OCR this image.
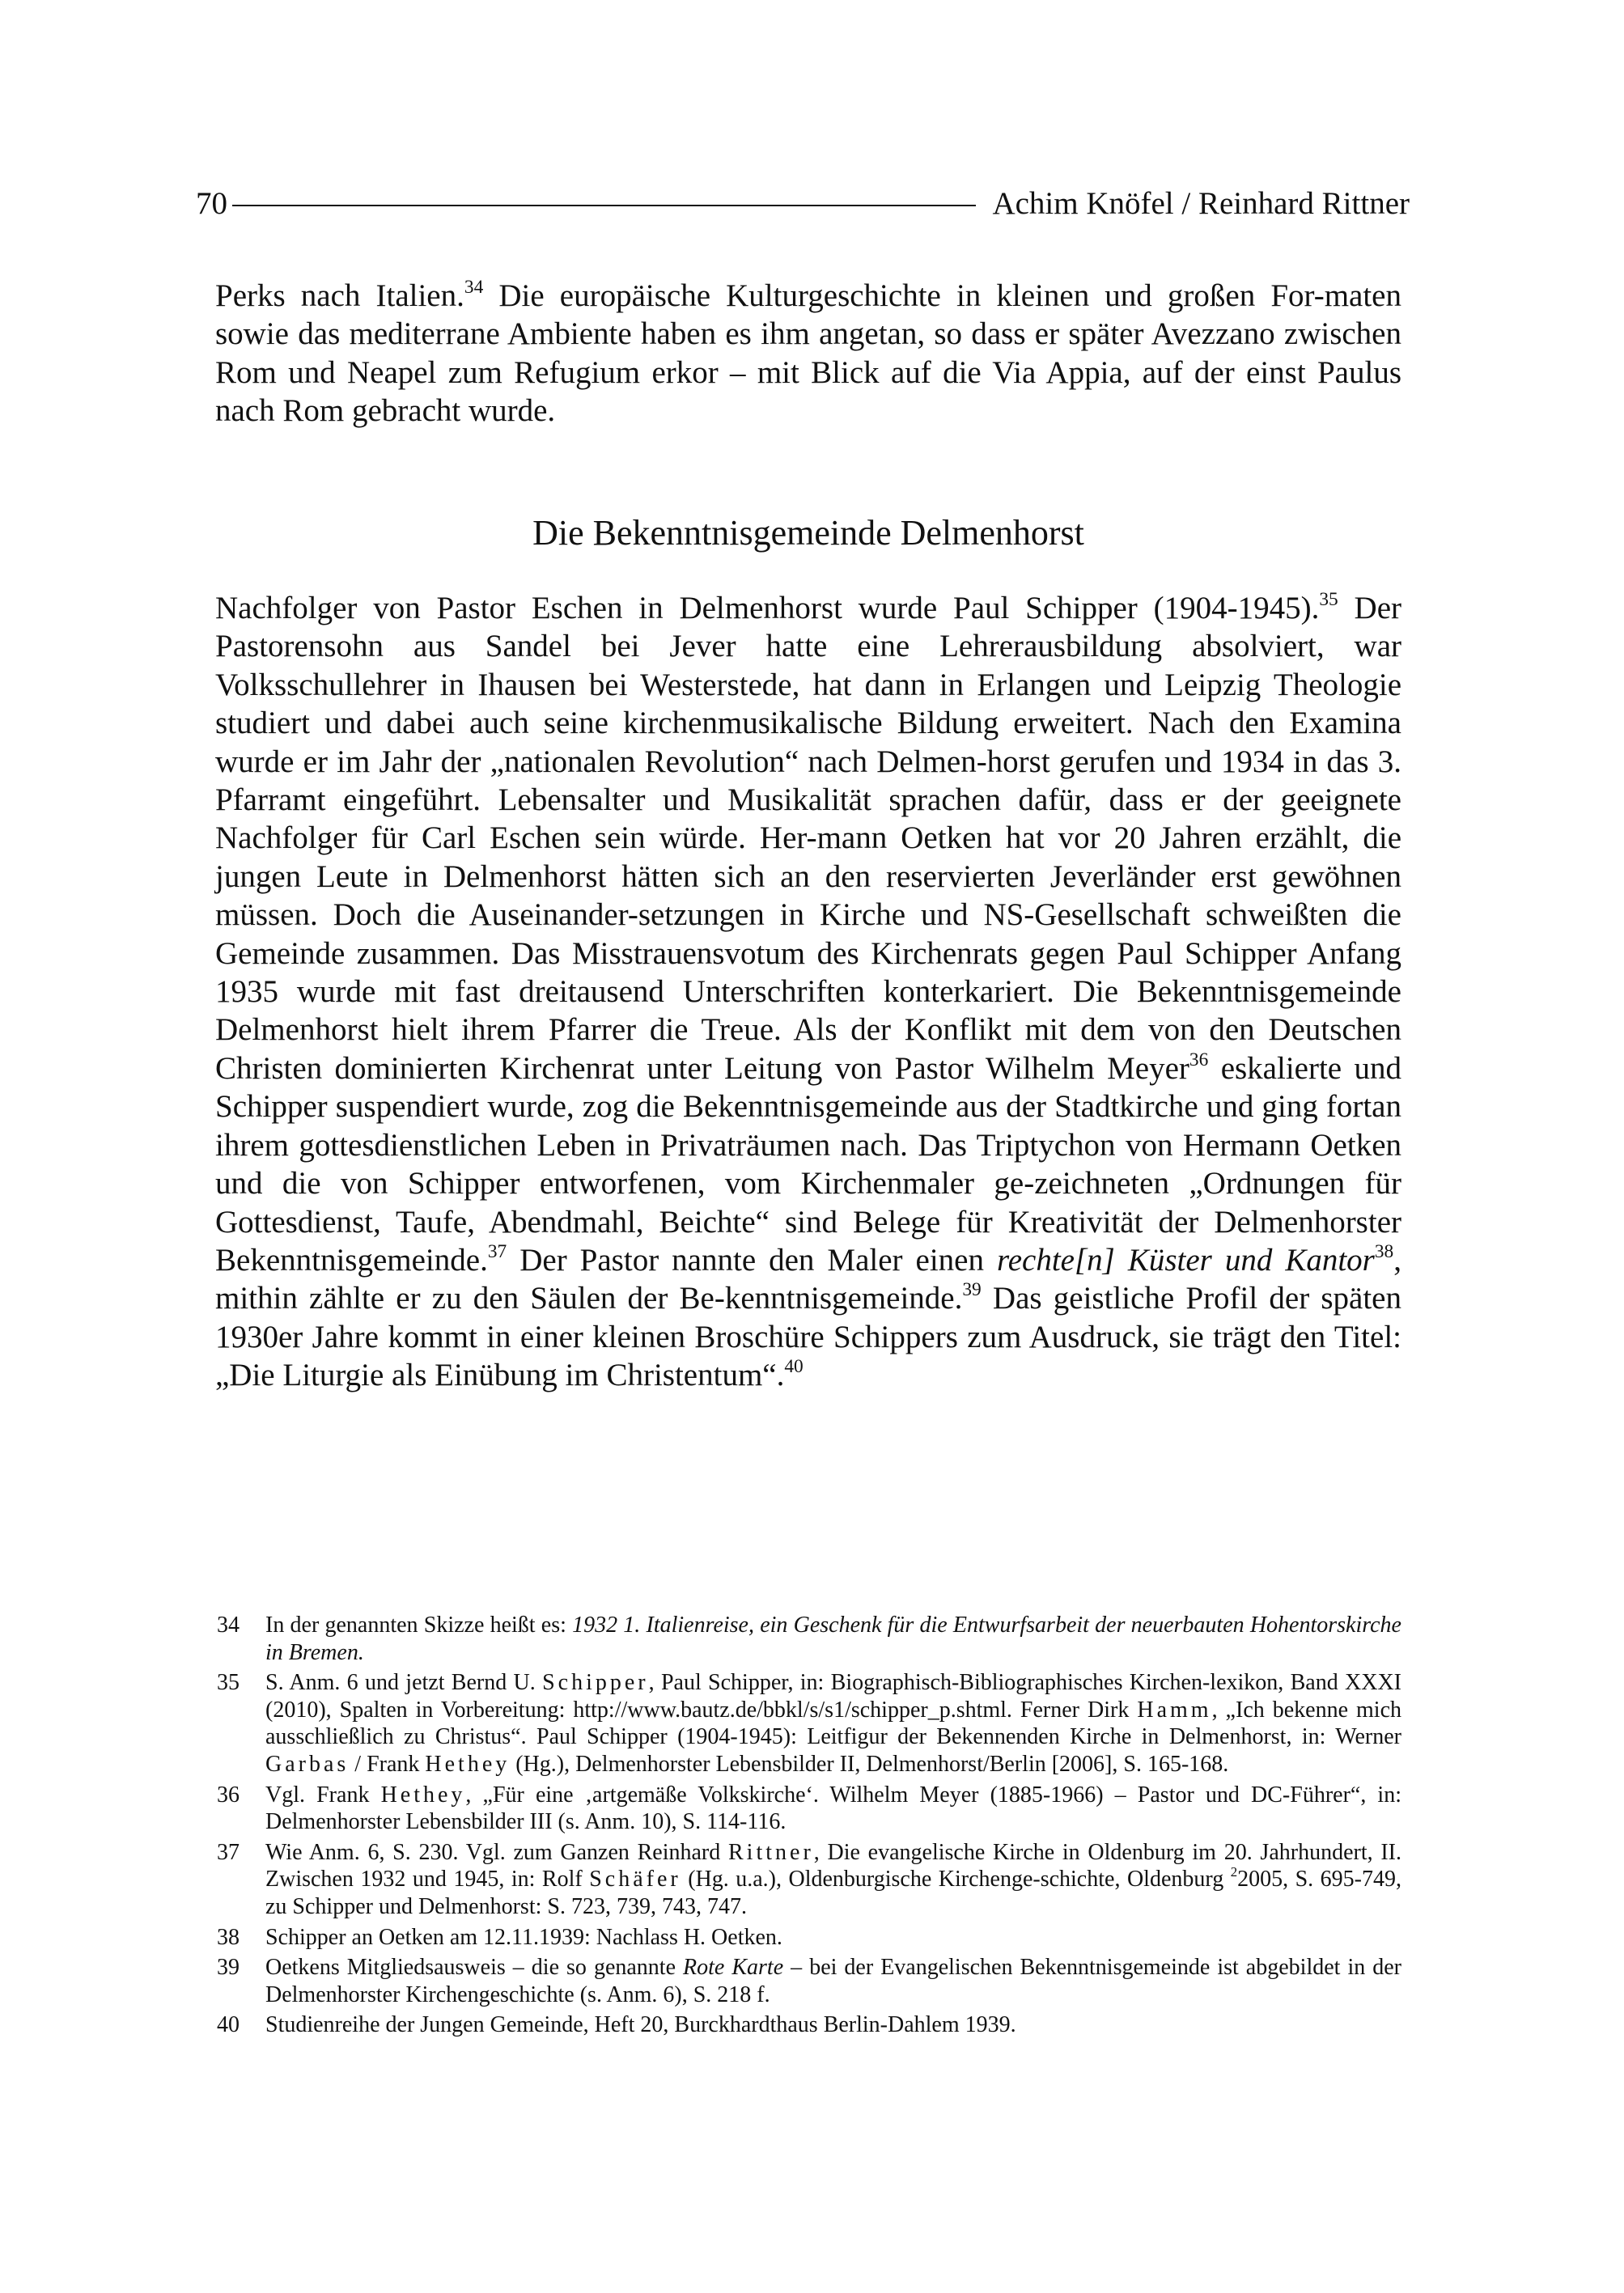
70	Achim Knöfel / Reinhard Rittner

Perks nach Italien.$^{34}$ Die europäische Kulturgeschichte in kleinen und großen For-maten sowie das mediterrane Ambiente haben es ihm angetan, so dass er später Avezzano zwischen Rom und Neapel zum Refugium erkor – mit Blick auf die Via Appia, auf der einst Paulus nach Rom gebracht wurde.

Die Bekenntnisgemeinde Delmenhorst

Nachfolger von Pastor Eschen in Delmenhorst wurde Paul Schipper (1904-1945).$^{35}$ Der Pastorensohn aus Sandel bei Jever hatte eine Lehrerausbildung absolviert, war Volksschullehrer in Ihausen bei Westerstede, hat dann in Erlangen und Leipzig Theologie studiert und dabei auch seine kirchenmusikalische Bildung erweitert. Nach den Examina wurde er im Jahr der „nationalen Revolution“ nach Delmen-horst gerufen und 1934 in das 3. Pfarramt eingeführt. Lebensalter und Musikalität sprachen dafür, dass er der geeignete Nachfolger für Carl Eschen sein würde. Her-mann Oetken hat vor 20 Jahren erzählt, die jungen Leute in Delmenhorst hätten sich an den reservierten Jeverländer erst gewöhnen müssen. Doch die Auseinander-setzungen in Kirche und NS-Gesellschaft schweißten die Gemeinde zusammen. Das Misstrauensvotum des Kirchenrats gegen Paul Schipper Anfang 1935 wurde mit fast dreitausend Unterschriften konterkariert. Die Bekenntnisgemeinde Delmenhorst hielt ihrem Pfarrer die Treue. Als der Konflikt mit dem von den Deutschen Christen dominierten Kirchenrat unter Leitung von Pastor Wilhelm Meyer$^{36}$ eskalierte und Schipper suspendiert wurde, zog die Bekenntnisgemeinde aus der Stadtkirche und ging fortan ihrem gottesdienstlichen Leben in Privaträumen nach. Das Triptychon von Hermann Oetken und die von Schipper entworfenen, vom Kirchenmaler ge-zeichneten „Ordnungen für Gottesdienst, Taufe, Abendmahl, Beichte“ sind Belege für Kreativität der Delmenhorster Bekenntnisgemeinde.$^{37}$ Der Pastor nannte den Maler einen rechte[n] Küster und Kantor$^{38}$, mithin zählte er zu den Säulen der Be-kenntnisgemeinde.$^{39}$ Das geistliche Profil der späten 1930er Jahre kommt in einer kleinen Broschüre Schippers zum Ausdruck, sie trägt den Titel: „Die Liturgie als Einübung im Christentum“.$^{40}$

34	In der genannten Skizze heißt es: 1932 1. Italienreise, ein Geschenk für die Entwurfsarbeit der neuerbauten Hohentorskirche in Bremen.
35	S. Anm. 6 und jetzt Bernd U. Schipper, Paul Schipper, in: Biographisch-Bibliographisches Kirchen-lexikon, Band XXXI (2010), Spalten in Vorbereitung: http://www.bautz.de/bbkl/s/s1/schipper_p.shtml. Ferner Dirk Hamm, „Ich bekenne mich ausschließlich zu Christus“. Paul Schipper (1904-1945): Leitfigur der Bekennenden Kirche in Delmenhorst, in: Werner Garbas / Frank Hethey (Hg.), Delmenhorster Lebensbilder II, Delmenhorst/Berlin [2006], S. 165-168.
36	Vgl. Frank Hethey, „Für eine ‚artgemäße Volkskirche‘. Wilhelm Meyer (1885-1966) – Pastor und DC-Führer“, in: Delmenhorster Lebensbilder III (s. Anm. 10), S. 114-116.
37	Wie Anm. 6, S. 230. Vgl. zum Ganzen Reinhard Rittner, Die evangelische Kirche in Oldenburg im 20. Jahrhundert, II. Zwischen 1932 und 1945, in: Rolf Schäfer (Hg. u.a.), Oldenburgische Kirchenge-schichte, Oldenburg $^2$2005, S. 695-749, zu Schipper und Delmenhorst: S. 723, 739, 743, 747.
38	Schipper an Oetken am 12.11.1939: Nachlass H. Oetken.
39	Oetkens Mitgliedsausweis – die so genannte Rote Karte – bei der Evangelischen Bekenntnisgemeinde ist abgebildet in der Delmenhorster Kirchengeschichte (s. Anm. 6), S. 218 f.
40	Studienreihe der Jungen Gemeinde, Heft 20, Burckhardthaus Berlin-Dahlem 1939.
